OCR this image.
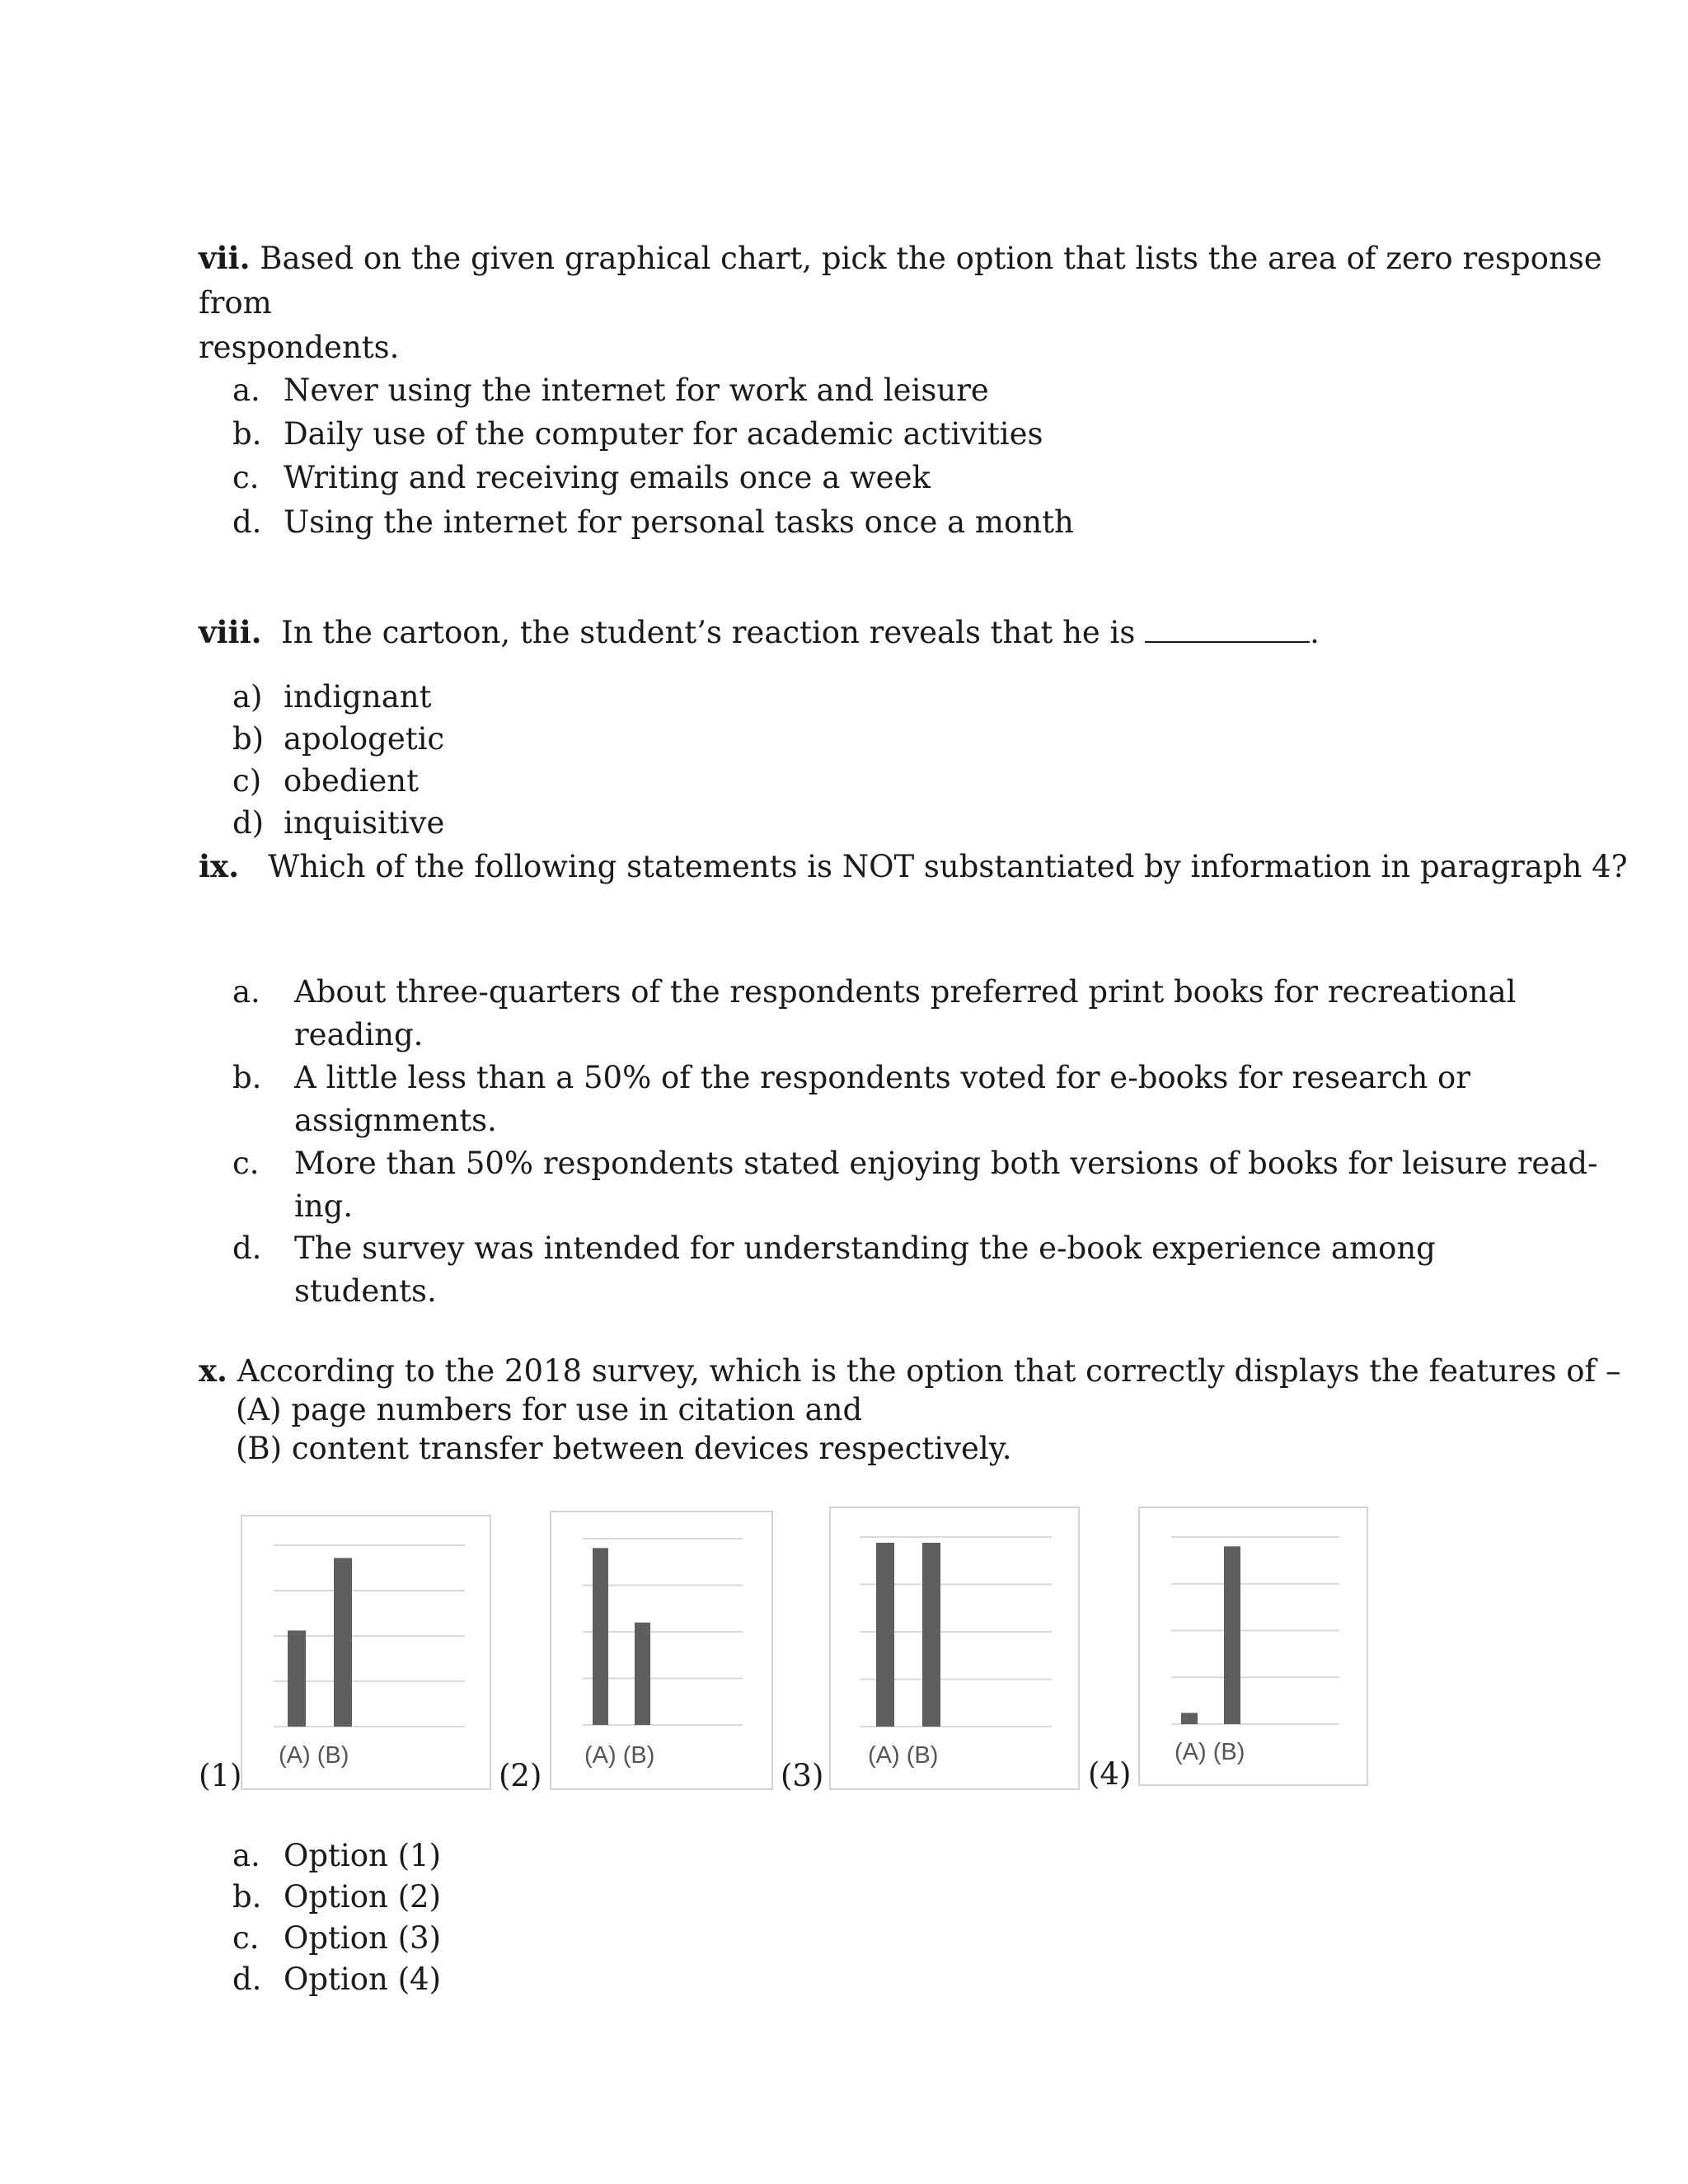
vii. Based on the given graphical chart, pick the option that lists the area of zero response
from
respondents.
a. Never using the internet for work and leisure
b. Daily use of the computer for academic activities
c. Writing and receiving emails once a week
d. Using the internet for personal tasks once a month
viii. In the cartoon, the student’s reaction reveals that he is	.
a) indignant
b) apologetic
c) obedient
d) inquisitive
ix. Which of the following statements is NOT substantiated by information in paragraph 4?
a. About three-quarters of the respondents preferred print books for recreational
reading.
b. A little less than a 50% of the respondents voted for e-books for research or
assignments.
c. More than 50% respondents stated enjoying both versions of books for leisure read-
ing.
d. The survey was intended for understanding the e-book experience among
students.
x. According to the 2018 survey, which is the option that correctly displays the features of –
(A) page numbers for use in citation and
(B) content transfer between devices respectively.
(A) (B)
(1)
(A) (B)
(2)
(A) (B)
(3)
(A) (B)
(4)
a. Option (1)
b. Option (2)
c. Option (3)
d. Option (4)
